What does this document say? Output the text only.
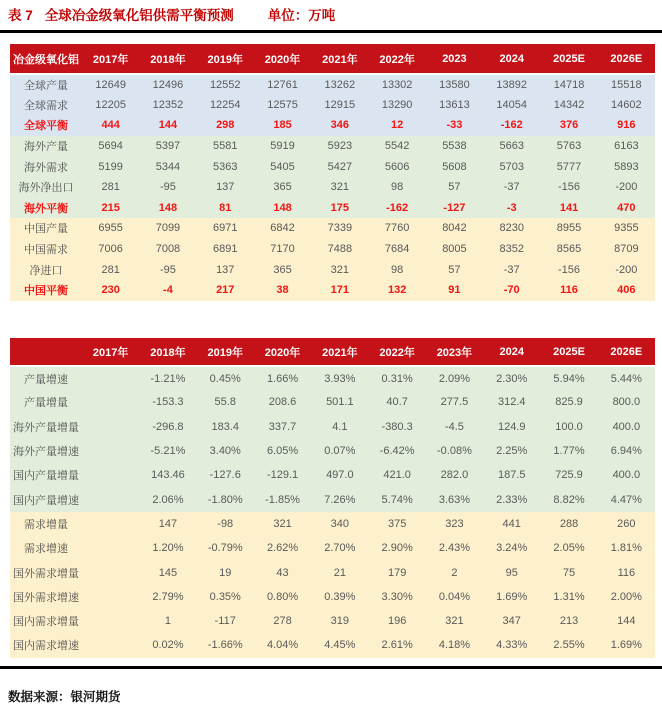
表 7 全球冶金级氧化铝供需平衡预测	单位：万吨
冶金级氧化铝	2017年	2018年	2019年	2020年	2021年	2022年	2023	2024	2025E	2026E
全球产量	12649	12496	12552	12761	13262	13302	13580	13892	14718	15518
全球需求	12205	12352	12254	12575	12915	13290	13613	14054	14342	14602
全球平衡	444	144	298	185	346	12	-33	-162	376	916
海外产量	5694	5397	5581	5919	5923	5542	5538	5663	5763	6163
海外需求	5199	5344	5363	5405	5427	5606	5608	5703	5777	5893
海外净出口	281	-95	137	365	321	98	57	-37	-156	-200
海外平衡	215	148	81	148	175	-162	-127	-3	141	470
中国产量	6955	7099	6971	6842	7339	7760	8042	8230	8955	9355
中国需求	7006	7008	6891	7170	7488	7684	8005	8352	8565	8709
净进口	281	-95	137	365	321	98	57	-37	-156	-200
中国平衡	230	-4	217	38	171	132	91	-70	116	406
	2017年	2018年	2019年	2020年	2021年	2022年	2023年	2024	2025E	2026E
产量增速		-1.21%	0.45%	1.66%	3.93%	0.31%	2.09%	2.30%	5.94%	5.44%
产量增量		-153.3	55.8	208.6	501.1	40.7	277.5	312.4	825.9	800.0
海外产量增量		-296.8	183.4	337.7	4.1	-380.3	-4.5	124.9	100.0	400.0
海外产量增速		-5.21%	3.40%	6.05%	0.07%	-6.42%	-0.08%	2.25%	1.77%	6.94%
国内产量增量		143.46	-127.6	-129.1	497.0	421.0	282.0	187.5	725.9	400.0
国内产量增速		2.06%	-1.80%	-1.85%	7.26%	5.74%	3.63%	2.33%	8.82%	4.47%
需求增量		147	-98	321	340	375	323	441	288	260
需求增速		1.20%	-0.79%	2.62%	2.70%	2.90%	2.43%	3.24%	2.05%	1.81%
国外需求增量		145	19	43	21	179	2	95	75	116
国外需求增速		2.79%	0.35%	0.80%	0.39%	3.30%	0.04%	1.69%	1.31%	2.00%
国内需求增量		1	-117	278	319	196	321	347	213	144
国内需求增速		0.02%	-1.66%	4.04%	4.45%	2.61%	4.18%	4.33%	2.55%	1.69%
数据来源：银河期货
